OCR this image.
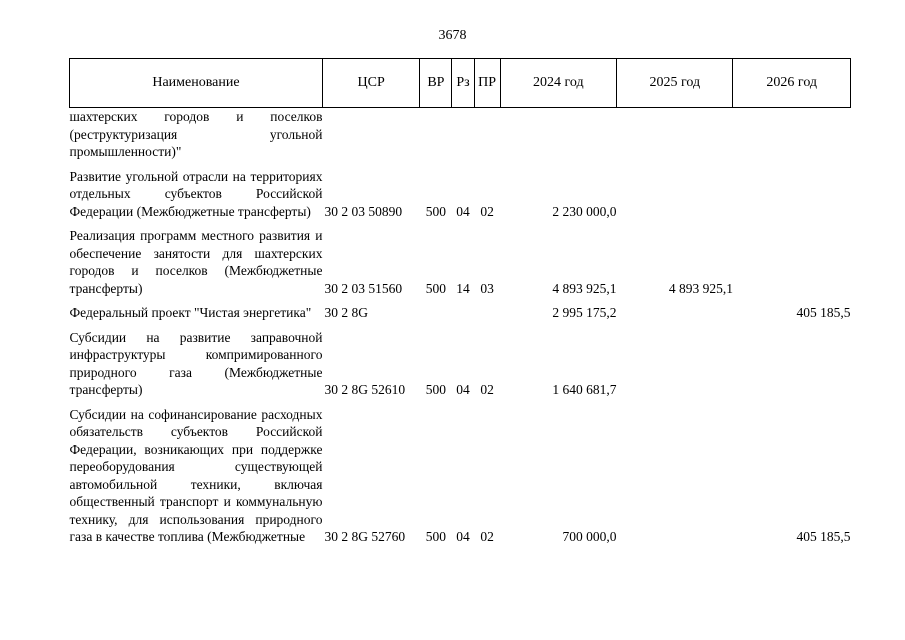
3678
Наименование	ЦСР	ВР	Рз	ПР	2024 год	2025 год	2026 год
шахтерских городов и поселков (реструктуризация угольной промышленности)"							
Развитие угольной отрасли на территориях отдельных субъектов Российской Федерации (Межбюджетные трансферты)	30 2 03 50890	500	04	02	2 230 000,0		
Реализация программ местного развития и обеспечение занятости для шахтерских городов и поселков (Межбюджетные трансферты)	30 2 03 51560	500	14	03	4 893 925,1	4 893 925,1	
Федеральный проект "Чистая энергетика"	30 2 8G				2 995 175,2		405 185,5
Субсидии на развитие заправочной инфраструктуры компримированного природного газа (Межбюджетные трансферты)	30 2 8G 52610	500	04	02	1 640 681,7		
Субсидии на софинансирование расходных обязательств субъектов Российской Федерации, возникающих при поддержке переоборудования существующей автомобильной техники, включая общественный транспорт и коммунальную технику, для использования природного газа в качестве топлива (Межбюджетные	30 2 8G 52760	500	04	02	700 000,0		405 185,5
